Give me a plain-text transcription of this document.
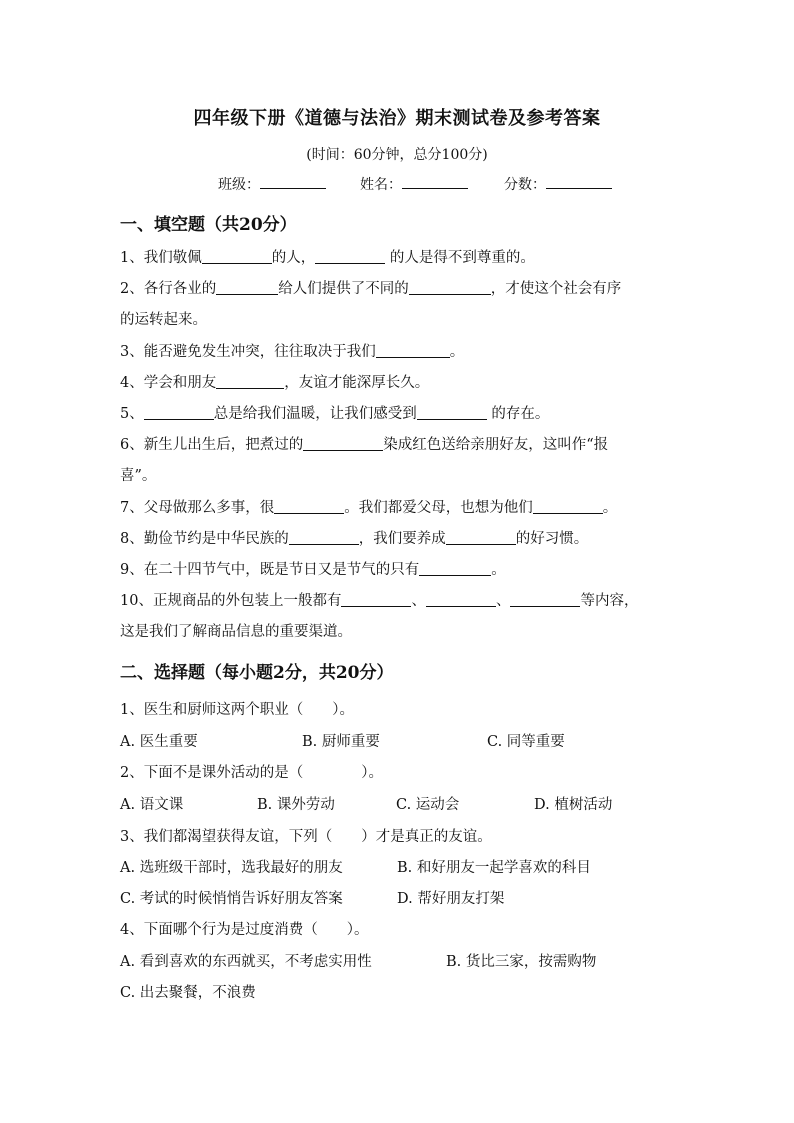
四年级下册《道德与法治》期末测试卷及参考答案
(时间：60分钟，总分100分)
班级：	姓名：	分数：
一、填空题（共20分）
1、我们敬佩	的人，	的人是得不到尊重的。
2、各行各业的	给人们提供了不同的	，才使这个社会有序
的运转起来。
3、能否避免发生冲突，往往取决于我们	。
4、学会和朋友	，友谊才能深厚长久。
5、	总是给我们温暖，让我们感受到	的存在。
6、新生儿出生后，把煮过的	染成红色送给亲朋好友，这叫作“报
喜”。
7、父母做那么多事，很	。我们都爱父母，也想为他们	。
8、勤俭节约是中华民族的	，我们要养成	的好习惯。
9、在二十四节气中，既是节日又是节气的只有	。
10、正规商品的外包装上一般都有	、	、	等内容，
这是我们了解商品信息的重要渠道。
二、选择题（每小题2分，共20分）
1、医生和厨师这两个职业（　　）。
A. 医生重要	B. 厨师重要	C. 同等重要
2、下面不是课外活动的是（　　　　）。
A. 语文课	B. 课外劳动	C. 运动会	D. 植树活动
3、我们都渴望获得友谊，下列（　　）才是真正的友谊。
A. 选班级干部时，选我最好的朋友	B. 和好朋友一起学喜欢的科目
C. 考试的时候悄悄告诉好朋友答案	D. 帮好朋友打架
4、下面哪个行为是过度消费（　　）。
A. 看到喜欢的东西就买，不考虑实用性	B. 货比三家，按需购物
C. 出去聚餐，不浪费
